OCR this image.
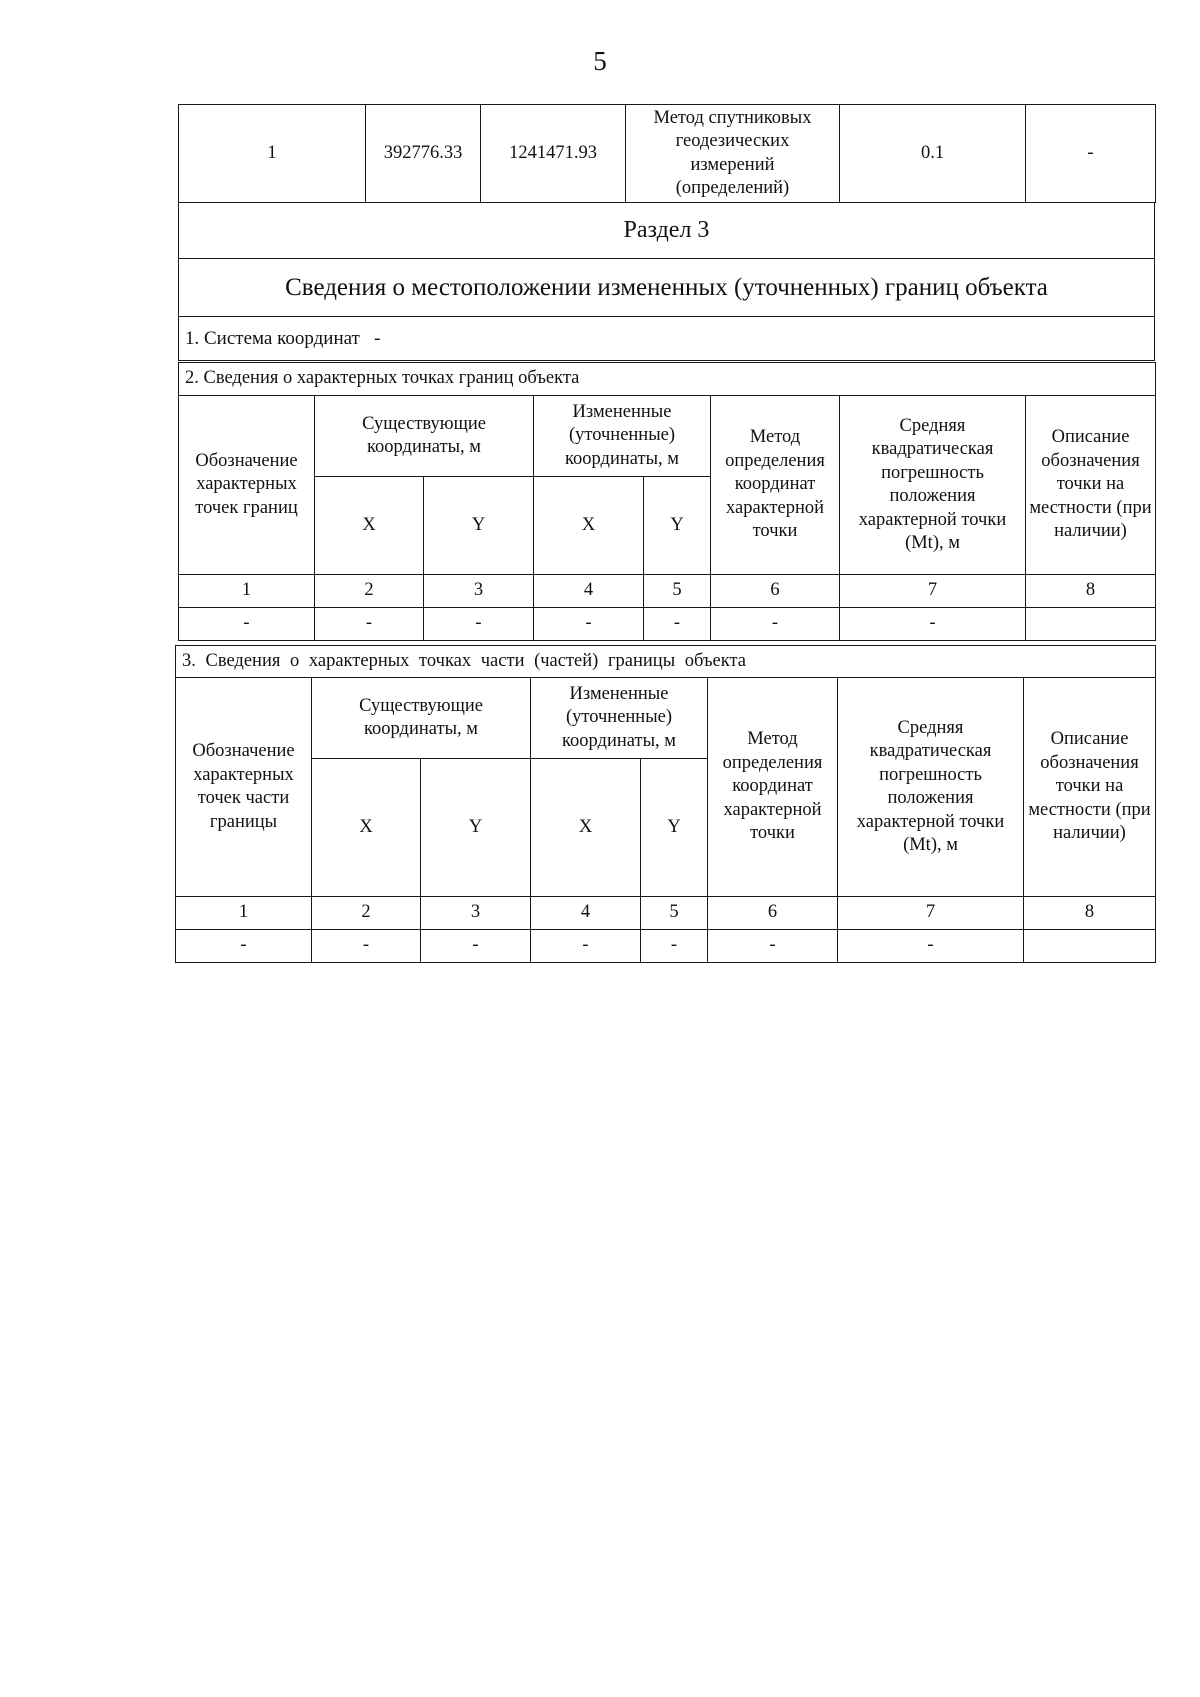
5
1	392776.33	1241471.93	Метод спутниковых геодезических измерений (определений)	0.1	-
Раздел 3
Сведения о местоположении измененных (уточненных) границ объекта
1. Система координат -
2. Сведения о характерных точках границ объекта							
Обозначение характерных точек границ	Существующие координаты, м		Измененные (уточненные) координаты, м		Метод определения координат характерной точки	Средняя квадратическая погрешность положения характерной точки (Mt), м	Описание обозначения точки на местности (при наличии)
	X	Y	X	Y			
1	2	3	4	5	6	7	8
-	-	-	-	-	-	-	
3. Сведения о характерных точках части (частей) границы объекта							
Обозначение характерных точек части границы	Существующие координаты, м		Измененные (уточненные) координаты, м		Метод определения координат характерной точки	Средняя квадратическая погрешность положения характерной точки (Mt), м	Описание обозначения точки на местности (при наличии)
	X	Y	X	Y			
1	2	3	4	5	6	7	8
-	-	-	-	-	-	-	
